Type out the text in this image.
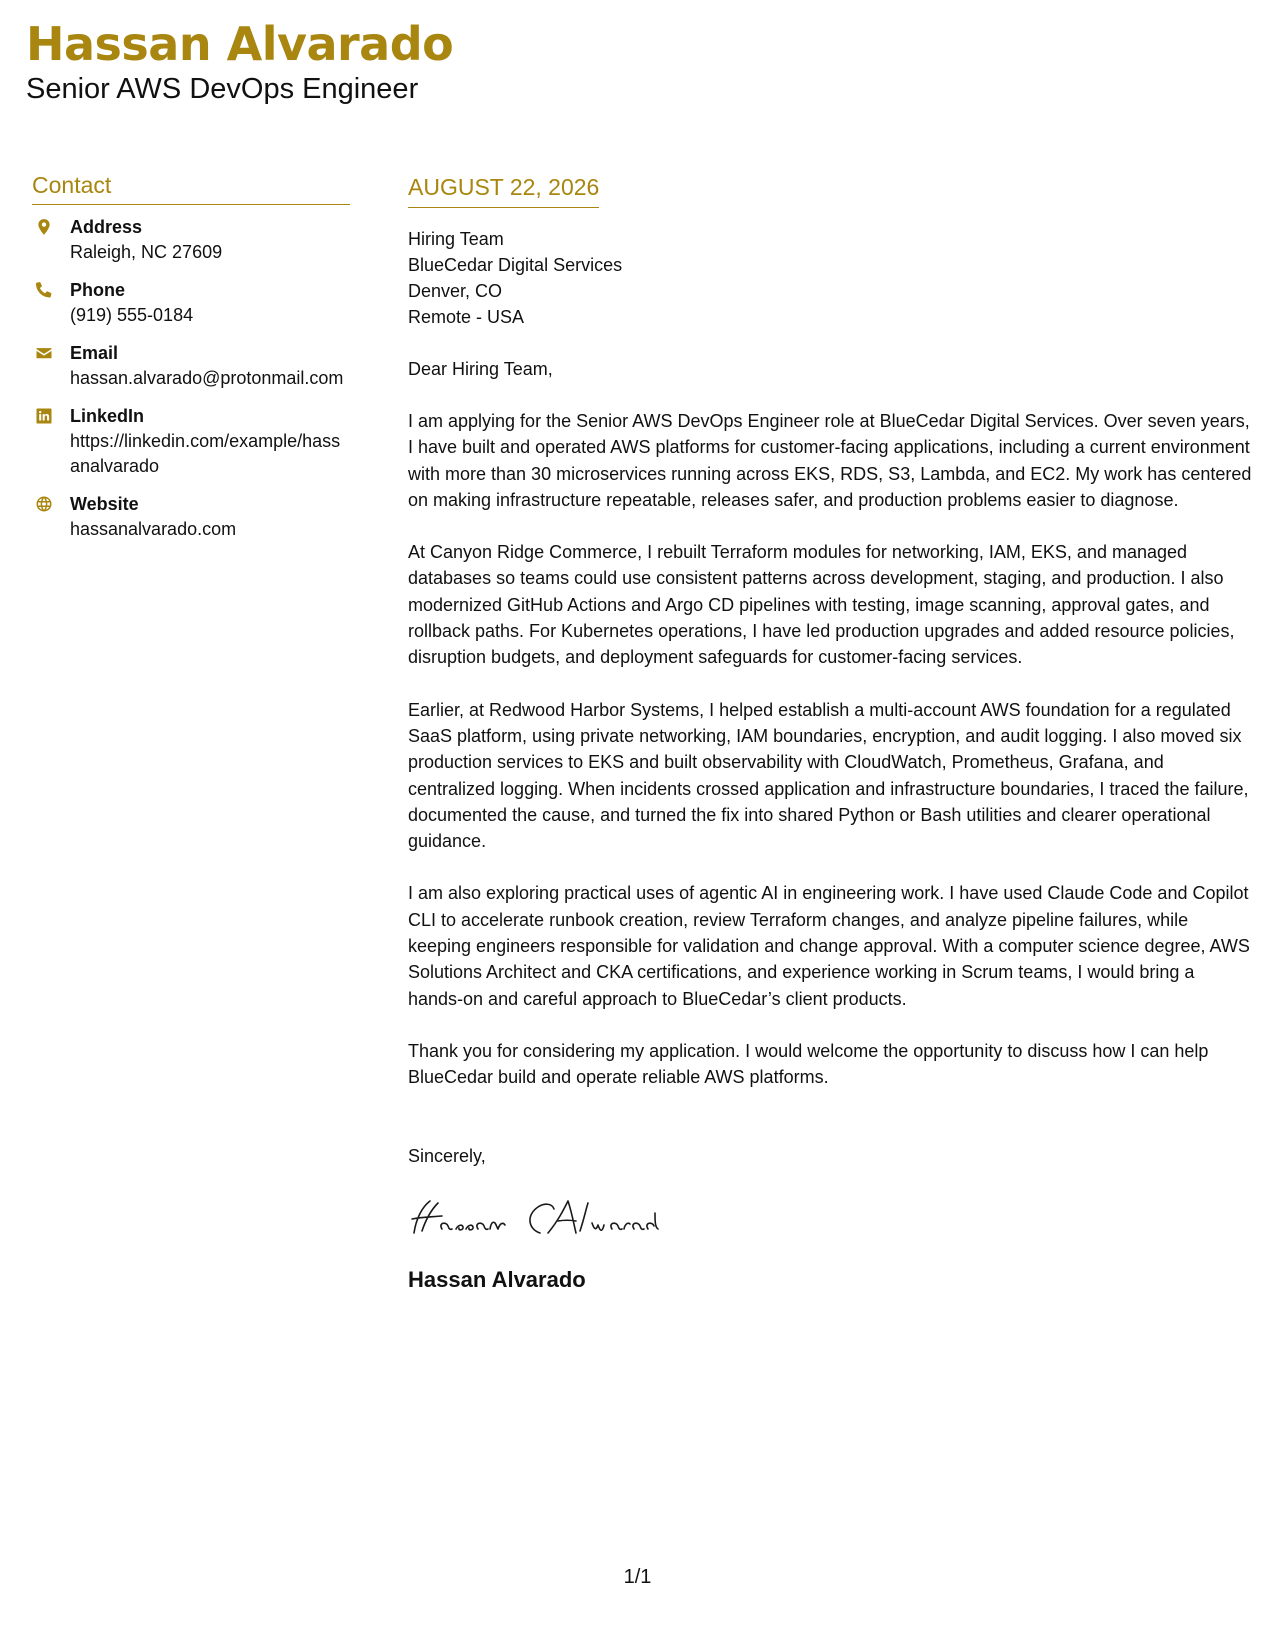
Hassan Alvarado
Senior AWS DevOps Engineer
Contact
Address
Raleigh, NC 27609
Phone
(919) 555-0184
Email
hassan.alvarado@protonmail.com
LinkedIn
https://linkedin.com/example/hassanalvarado
Website
hassanalvarado.com
AUGUST 22, 2026
Hiring Team
BlueCedar Digital Services
Denver, CO
Remote - USA
Dear Hiring Team,
I am applying for the Senior AWS DevOps Engineer role at BlueCedar Digital Services. Over seven years, I have built and operated AWS platforms for customer-facing applications, including a current environment with more than 30 microservices running across EKS, RDS, S3, Lambda, and EC2. My work has centered on making infrastructure repeatable, releases safer, and production problems easier to diagnose.
At Canyon Ridge Commerce, I rebuilt Terraform modules for networking, IAM, EKS, and managed databases so teams could use consistent patterns across development, staging, and production. I also modernized GitHub Actions and Argo CD pipelines with testing, image scanning, approval gates, and rollback paths. For Kubernetes operations, I have led production upgrades and added resource policies, disruption budgets, and deployment safeguards for customer-facing services.
Earlier, at Redwood Harbor Systems, I helped establish a multi-account AWS foundation for a regulated SaaS platform, using private networking, IAM boundaries, encryption, and audit logging. I also moved six production services to EKS and built observability with CloudWatch, Prometheus, Grafana, and centralized logging. When incidents crossed application and infrastructure boundaries, I traced the failure, documented the cause, and turned the fix into shared Python or Bash utilities and clearer operational guidance.
I am also exploring practical uses of agentic AI in engineering work. I have used Claude Code and Copilot CLI to accelerate runbook creation, review Terraform changes, and analyze pipeline failures, while keeping engineers responsible for validation and change approval. With a computer science degree, AWS Solutions Architect and CKA certifications, and experience working in Scrum teams, I would bring a hands-on and careful approach to BlueCedar’s client products.
Thank you for considering my application. I would welcome the opportunity to discuss how I can help BlueCedar build and operate reliable AWS platforms.
Sincerely,
Hassan Alvarado
1/1
